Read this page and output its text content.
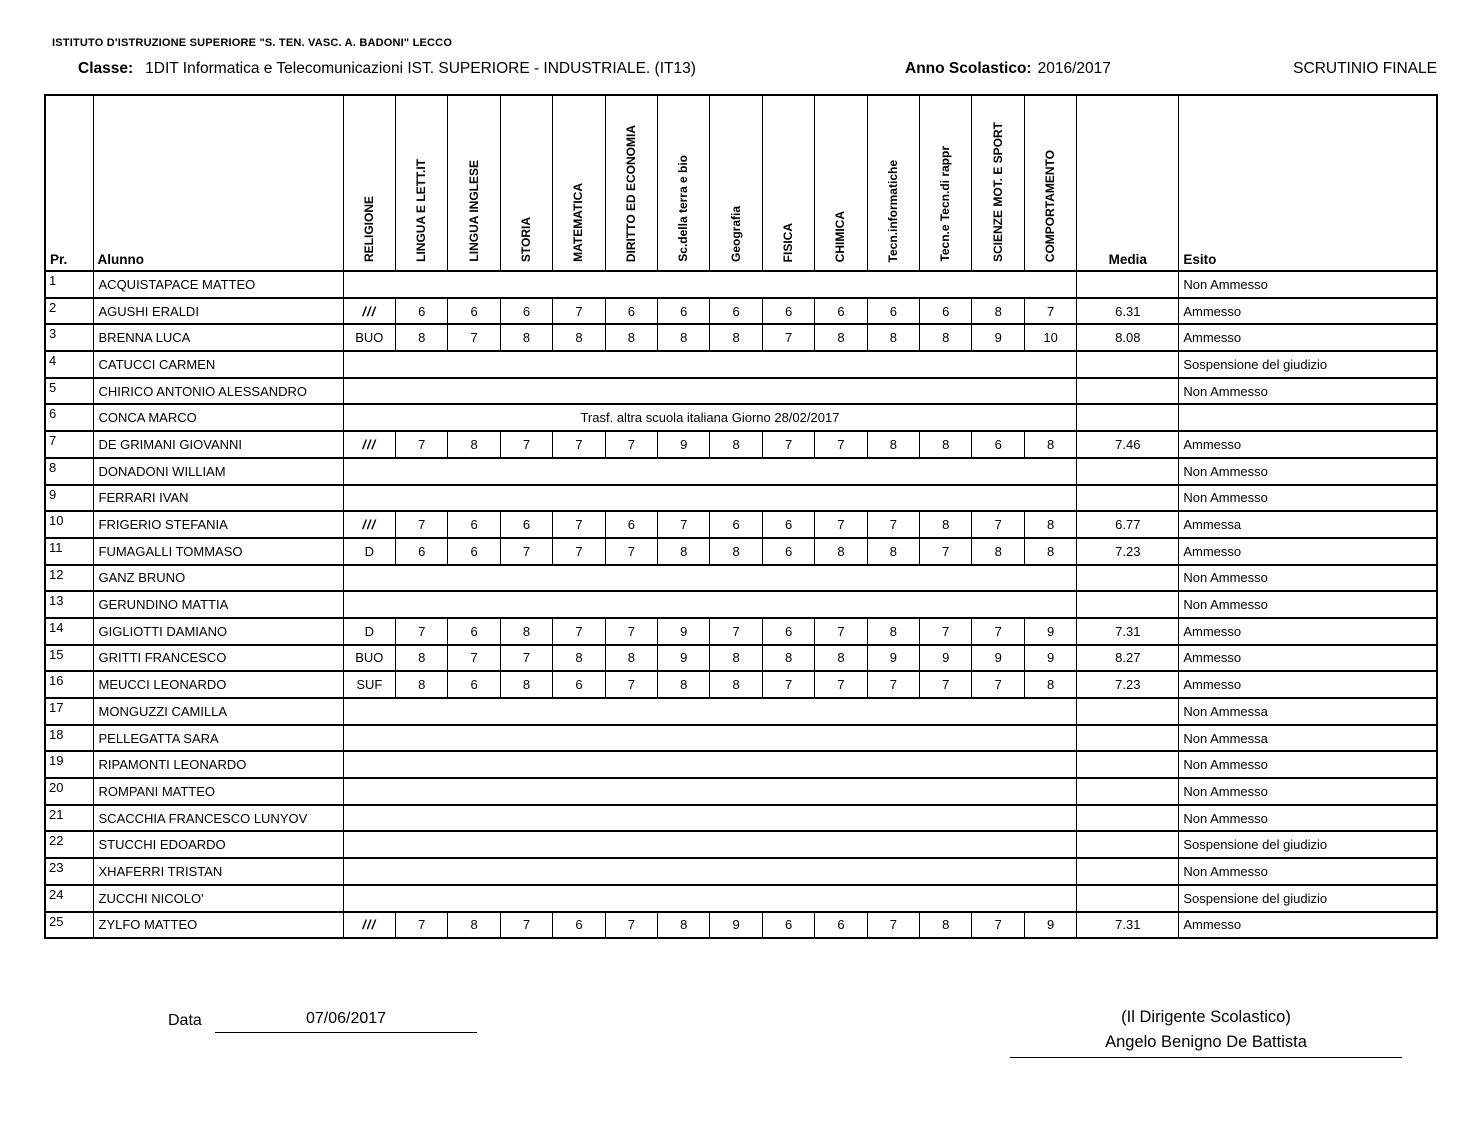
ISTITUTO D'ISTRUZIONE SUPERIORE "S. TEN. VASC. A. BADONI" LECCO
Classe: 1DIT Informatica e Telecomunicazioni IST. SUPERIORE - INDUSTRIALE. (IT13)	Anno Scolastico: 2016/2017	SCRUTINIO FINALE
Pr.	Alunno	RELIGIONE	LINGUA E LETT.IT	LINGUA INGLESE	STORIA	MATEMATICA	DIRITTO ED ECONOMIA	Sc.della terra e bio	Geografia	FISICA	CHIMICA	Tecn.informatiche	Tecn.e Tecn.di rappr	SCIENZE MOT. E SPORT	COMPORTAMENTO	Media	Esito
1	ACQUISTAPACE MATTEO																Non Ammesso
2	AGUSHI ERALDI	///	6	6	6	7	6	6	6	6	6	6	6	8	7	6.31	Ammesso
3	BRENNA LUCA	BUO	8	7	8	8	8	8	8	7	8	8	8	9	10	8.08	Ammesso
4	CATUCCI CARMEN																Sospensione del giudizio
5	CHIRICO ANTONIO ALESSANDRO																Non Ammesso
6	CONCA MARCO	Trasf. altra scuola italiana Giorno 28/02/2017															
7	DE GRIMANI GIOVANNI	///	7	8	7	7	7	9	8	7	7	8	8	6	8	7.46	Ammesso
8	DONADONI WILLIAM																Non Ammesso
9	FERRARI IVAN																Non Ammesso
10	FRIGERIO STEFANIA	///	7	6	6	7	6	7	6	6	7	7	8	7	8	6.77	Ammessa
11	FUMAGALLI TOMMASO	D	6	6	7	7	7	8	8	6	8	8	7	8	8	7.23	Ammesso
12	GANZ BRUNO																Non Ammesso
13	GERUNDINO MATTIA																Non Ammesso
14	GIGLIOTTI DAMIANO	D	7	6	8	7	7	9	7	6	7	8	7	7	9	7.31	Ammesso
15	GRITTI FRANCESCO	BUO	8	7	7	8	8	9	8	8	8	9	9	9	9	8.27	Ammesso
16	MEUCCI LEONARDO	SUF	8	6	8	6	7	8	8	7	7	7	7	7	8	7.23	Ammesso
17	MONGUZZI CAMILLA																Non Ammessa
18	PELLEGATTA SARA																Non Ammessa
19	RIPAMONTI LEONARDO																Non Ammesso
20	ROMPANI MATTEO																Non Ammesso
21	SCACCHIA FRANCESCO LUNYOV																Non Ammesso
22	STUCCHI EDOARDO																Sospensione del giudizio
23	XHAFERRI TRISTAN																Non Ammesso
24	ZUCCHI NICOLO'																Sospensione del giudizio
25	ZYLFO MATTEO	///	7	8	7	6	7	8	9	6	6	7	8	7	9	7.31	Ammesso
Data	07/06/2017	(Il Dirigente Scolastico)
Angelo Benigno De Battista
